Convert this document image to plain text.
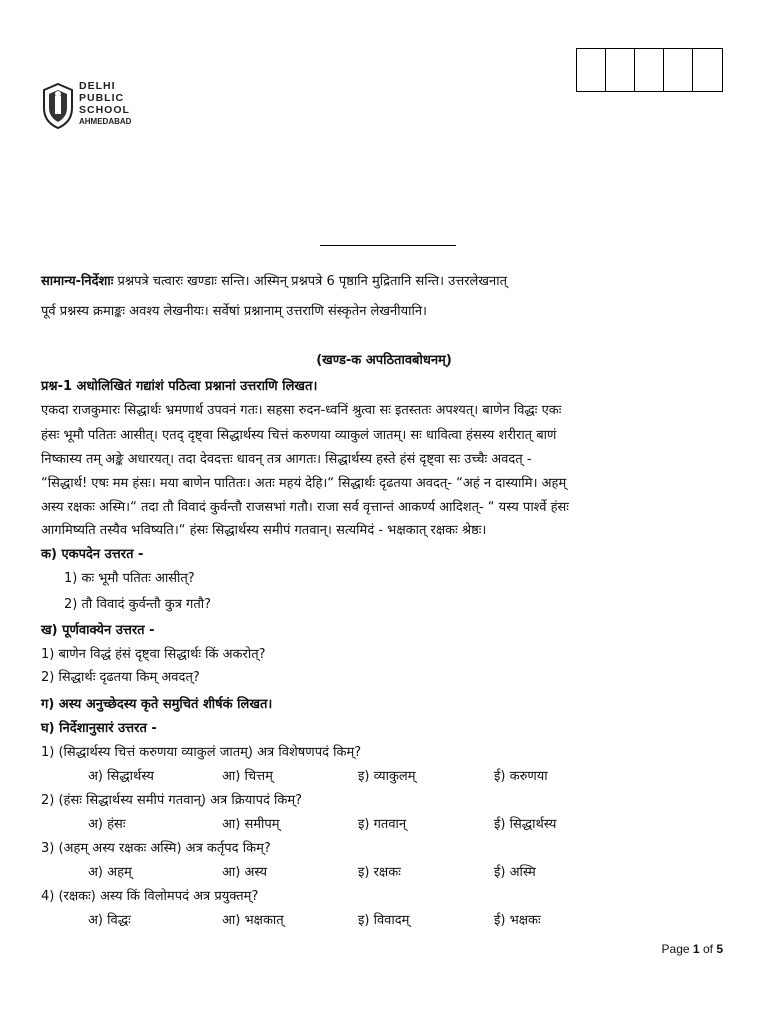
DELHI
PUBLIC
SCHOOL
AHMEDABAD
सामान्य-निर्देशाः प्रश्नपत्रे चत्वारः खण्डाः सन्ति। अस्मिन् प्रश्नपत्रे 6 पृष्ठानि मुद्रितानि सन्ति। उत्तरलेखनात्
पूर्व प्रश्नस्य क्रमाङ्कः अवश्य लेखनीयः। सर्वेषां प्रश्नानाम् उत्तराणि संस्कृतेन लेखनीयानि।
(खण्ड-क अपठितावबोधनम्)
प्रश्न-1 अधोलिखितं गद्यांशं पठित्वा प्रश्नानां उत्तराणि लिखत।
एकदा राजकुमारः सिद्धार्थः भ्रमणार्थ उपवनं गतः। सहसा रुदन-ध्वनिं श्रुत्वा सः इतस्ततः अपश्यत्। बाणेन विद्धः एकः
हंसः भूमौ पतितः आसीत्। एतद् दृष्ट्वा सिद्धार्थस्य चित्तं करुणया व्याकुलं जातम्। सः धावित्वा हंसस्य शरीरात् बाणं
निष्कास्य तम् अङ्के अधारयत्। तदा देवदत्तः धावन् तत्र आगतः। सिद्धार्थस्य हस्ते हंसं दृष्ट्वा सः उच्चैः अवदत् -
“सिद्धार्थ! एषः मम हंसः। मया बाणेन पातितः। अतः महयं देहि।“ सिद्धार्थः दृढतया अवदत्- “अहं न दास्यामि। अहम्
अस्य रक्षकः अस्मि।“ तदा तौ विवादं कुर्वन्तौ राजसभां गतौ। राजा सर्व वृत्तान्तं आकर्ण्य आदिशत्- “ यस्य पार्श्वे हंसः
आगमिष्यति तस्यैव भविष्यति।“ हंसः सिद्धार्थस्य समीपं गतवान्। सत्यमिदं - भक्षकात् रक्षकः श्रेष्ठः।
क) एकपदेन उत्तरत -
1) कः भूमौ पतितः आसीत्?
2) तौ विवादं कुर्वन्तौ कुत्र गतौ?
ख) पूर्णवाक्येन उत्तरत -
1) बाणेन विद्धं हंसं दृष्ट्वा सिद्धार्थः किं अकरोत्?
2) सिद्धार्थः दृढतया किम् अवदत्?
ग) अस्य अनुच्छेदस्य कृते समुचितं शीर्षकं लिखत।
घ) निर्देशानुसारं उत्तरत -
1) (सिद्धार्थस्य चित्तं करुणया व्याकुलं जातम्) अत्र विशेषणपदं किम्?
अ) सिद्धार्थस्य	आ) चित्तम्	इ) व्याकुलम्	ई) करुणया
2) (हंसः सिद्धार्थस्य समीपं गतवान्) अत्र क्रियापदं किम्?
अ) हंसः	आ) समीपम्	इ) गतवान्	ई) सिद्धार्थस्य
3) (अहम् अस्य रक्षकः अस्मि) अत्र कर्तृपद किम्?
अ) अहम्	आ) अस्य	इ) रक्षकः	ई) अस्मि
4) (रक्षकः) अस्य किं विलोमपदं अत्र प्रयुक्तम्?
अ) विद्धः	आ) भक्षकात्	इ) विवादम्	ई) भक्षकः
Page 1 of 5
